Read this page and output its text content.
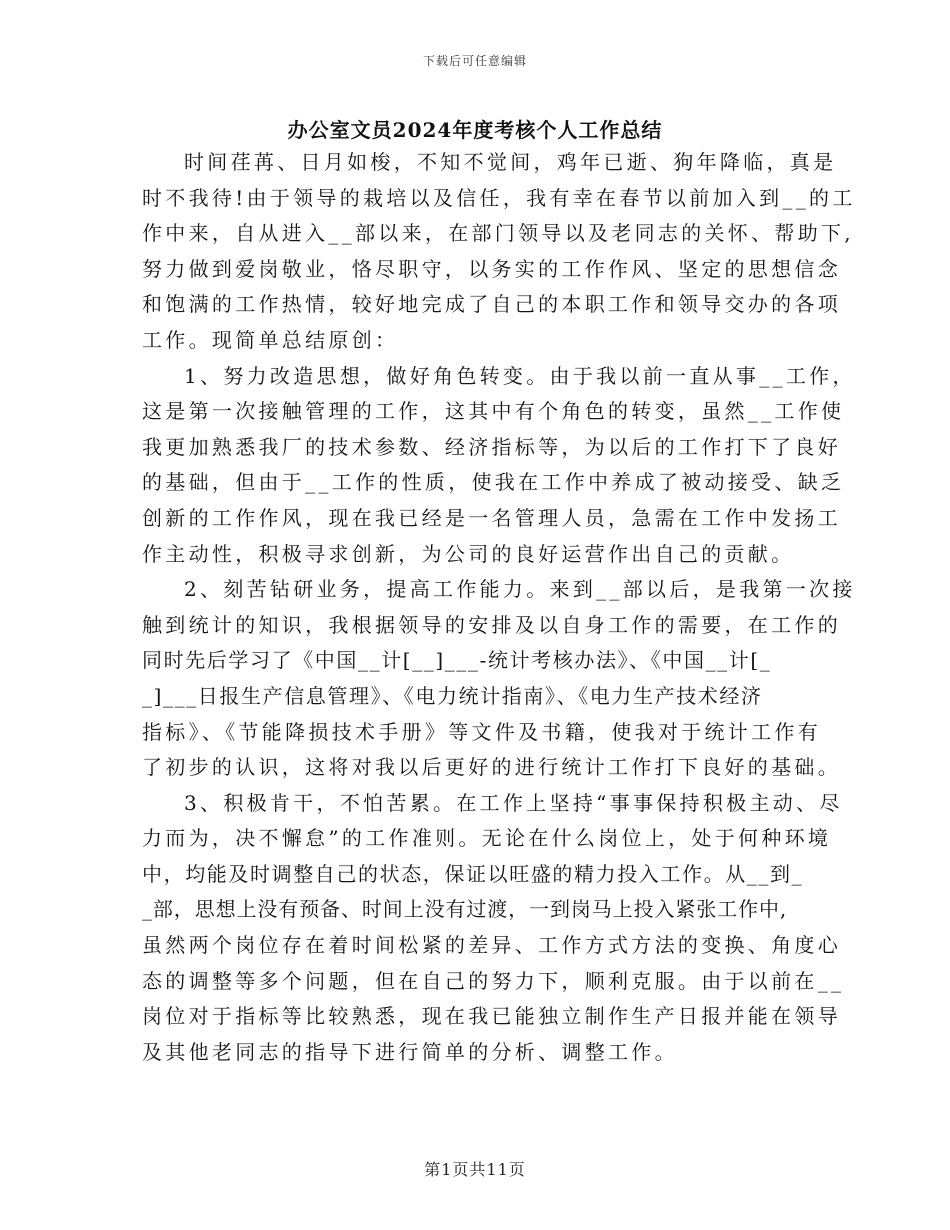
下载后可任意编辑
办公室文员2024年度考核个人工作总结
时间荏苒、日月如梭，不知不觉间，鸡年已逝、狗年降临，真是
时不我待!由于领导的栽培以及信任，我有幸在春节以前加入到__的工
作中来，自从进入__部以来，在部门领导以及老同志的关怀、帮助下,
努力做到爱岗敬业，恪尽职守，以务实的工作作风、坚定的思想信念
和饱满的工作热情，较好地完成了自己的本职工作和领导交办的各项
工作。现简单总结原创：
1、努力改造思想，做好角色转变。由于我以前一直从事__工作，
这是第一次接触管理的工作，这其中有个角色的转变，虽然__工作使
我更加熟悉我厂的技术参数、经济指标等，为以后的工作打下了良好
的基础，但由于__工作的性质，使我在工作中养成了被动接受、缺乏
创新的工作作风，现在我已经是一名管理人员，急需在工作中发扬工
作主动性，积极寻求创新，为公司的良好运营作出自己的贡献。
2、刻苦钻研业务，提高工作能力。来到__部以后，是我第一次接
触到统计的知识，我根据领导的安排及以自身工作的需要，在工作的
同时先后学习了《中国__计[__]___-统计考核办法》、《中国__计[_
_]___日报生产信息管理》、《电力统计指南》、《电力生产技术经济
指标》、《节能降损技术手册》等文件及书籍，使我对于统计工作有
了初步的认识，这将对我以后更好的进行统计工作打下良好的基础。
3、积极肯干，不怕苦累。在工作上坚持“事事保持积极主动、尽
力而为，决不懈怠”的工作准则。无论在什么岗位上，处于何种环境
中，均能及时调整自己的状态，保证以旺盛的精力投入工作。从__到_
_部，思想上没有预备、时间上没有过渡，一到岗马上投入紧张工作中,
虽然两个岗位存在着时间松紧的差异、工作方式方法的变换、角度心
态的调整等多个问题，但在自己的努力下，顺利克服。由于以前在__
岗位对于指标等比较熟悉，现在我已能独立制作生产日报并能在领导
及其他老同志的指导下进行简单的分析、调整工作。
第1页共11页
